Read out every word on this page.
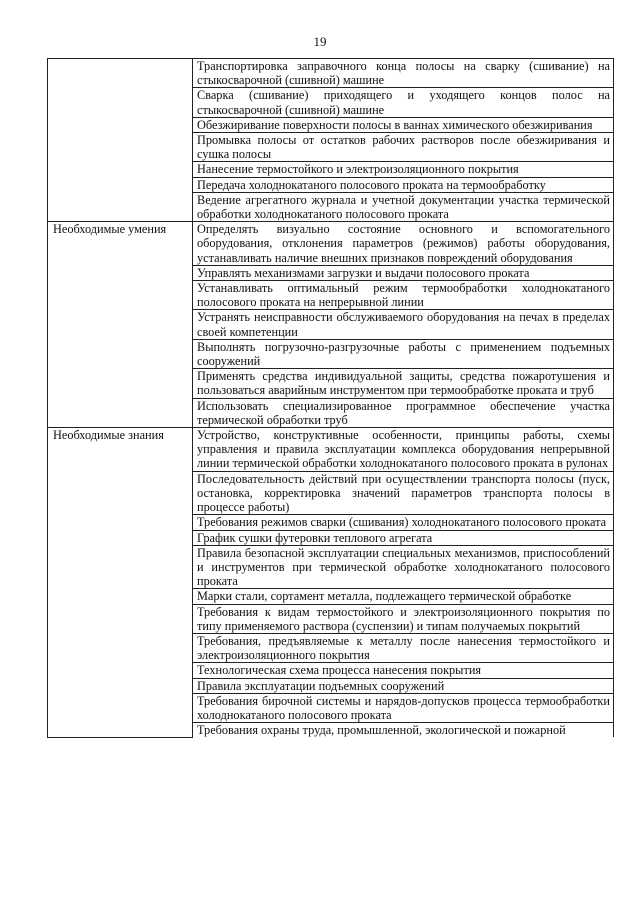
19
	Транспортировка заправочного конца полосы на сварку (сшивание) на стыкосварочной (сшивной) машине
	Сварка (сшивание) приходящего и уходящего концов полос на стыкосварочной (сшивной) машине
	Обезжиривание поверхности полосы в ваннах химического обезжиривания
	Промывка полосы от остатков рабочих растворов после обезжиривания и сушка полосы
	Нанесение термостойкого и электроизоляционного покрытия
	Передача холоднокатаного полосового проката на термообработку
	Ведение агрегатного журнала и учетной документации участка термической обработки холоднокатаного полосового проката
Необходимые умения	Определять визуально состояние основного и вспомогательного оборудования, отклонения параметров (режимов) работы оборудования, устанавливать наличие внешних признаков повреждений оборудования
	Управлять механизмами загрузки и выдачи полосового проката
	Устанавливать оптимальный режим термообработки холоднокатаного полосового проката на непрерывной линии
	Устранять неисправности обслуживаемого оборудования на печах в пределах своей компетенции
	Выполнять погрузочно-разгрузочные работы с применением подъемных сооружений
	Применять средства индивидуальной защиты, средства пожаротушения и пользоваться аварийным инструментом при термообработке проката и труб
	Использовать специализированное программное обеспечение участка термической обработки труб
Необходимые знания	Устройство, конструктивные особенности, принципы работы, схемы управления и правила эксплуатации комплекса оборудования непрерывной линии термической обработки холоднокатаного полосового проката в рулонах
	Последовательность действий при осуществлении транспорта полосы (пуск, остановка, корректировка значений параметров транспорта полосы в процессе работы)
	Требования режимов сварки (сшивания) холоднокатаного полосового проката
	График сушки футеровки теплового агрегата
	Правила безопасной эксплуатации специальных механизмов, приспособлений и инструментов при термической обработке холоднокатаного полосового проката
	Марки стали, сортамент металла, подлежащего термической обработке
	Требования к видам термостойкого и электроизоляционного покрытия по типу применяемого раствора (суспензии) и типам получаемых покрытий
	Требования, предъявляемые к металлу после нанесения термостойкого и электроизоляционного покрытия
	Технологическая схема процесса нанесения покрытия
	Правила эксплуатации подъемных сооружений
	Требования бирочной системы и нарядов-допусков процесса термообработки холоднокатаного полосового проката
	Требования охраны труда, промышленной, экологической и пожарной
